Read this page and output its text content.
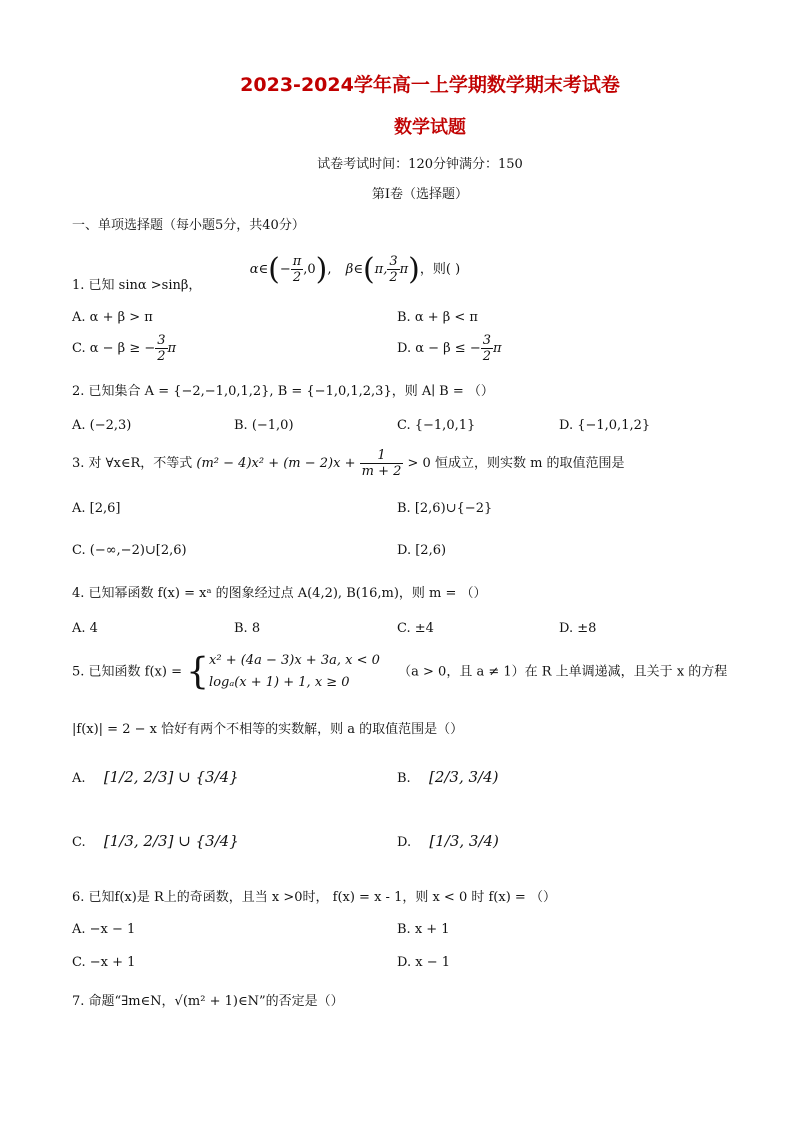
2023-2024学年高一上学期数学期末考试卷
数学试题
试卷考试时间：120分钟满分：150
第I卷（选择题）
一、单项选择题（每小题5分，共40分）
1. 已知 sinα >sinβ，  α∈(− $\frac{\pi}{2} ,0$),  β∈(π, $\frac{3}{2} \pi$)，则( )
A. α + β > π	B. α + β < π
C. α − β ≥ − $\frac{3}{2}$ π	D. α − β ≤ − $\frac{3}{2}$ π
2. 已知集合 A = {−2,−1,0,1,2}, B = {−1,0,1,2,3}，则 A∣ B = （）
A. (−2,3)	B. (−1,0)	C. {−1,0,1}	D. {−1,0,1,2}
3. 对 ∀x∈R，不等式 $(m^2 - 4)x^2 + (m - 2)x + \frac{1}{m + 2} > 0$ 恒成立，则实数 m 的取值范围是
A. [2,6]	B. [2,6)∪{−2}
C. (−∞,−2)∪[2,6)	D. [2,6)
4. 已知幂函数 f(x) = xᵃ 的图象经过点 A(4,2), B(16,m)，则 m = （）
A. 4	B. 8	C. ±4	D. ±8
5. 已知函数 f(x) = { x² + (4a − 3)x + 3a, x < 0
logₐ(x + 1) + 1, x ≥ 0
（a > 0，且 a ≠ 1）在 R 上单调递减，且关于 x 的方程
|f(x)| = 2 − x 恰好有两个不相等的实数解，则 a 的取值范围是（）
A. [1/2, 2/3] ∪ {3/4}	B. [2/3, 3/4)
C. [1/3, 2/3] ∪ {3/4}	D. [1/3, 3/4)
6. 已知f(x)是 R上的奇函数，且当 x >0时， f(x) = x - 1，则 x < 0 时 f(x) = （）
A. −x − 1	B. x + 1
C. −x + 1	D. x − 1
7. 命题“∃m∈N，√(m² + 1)∈N”的否定是（）
